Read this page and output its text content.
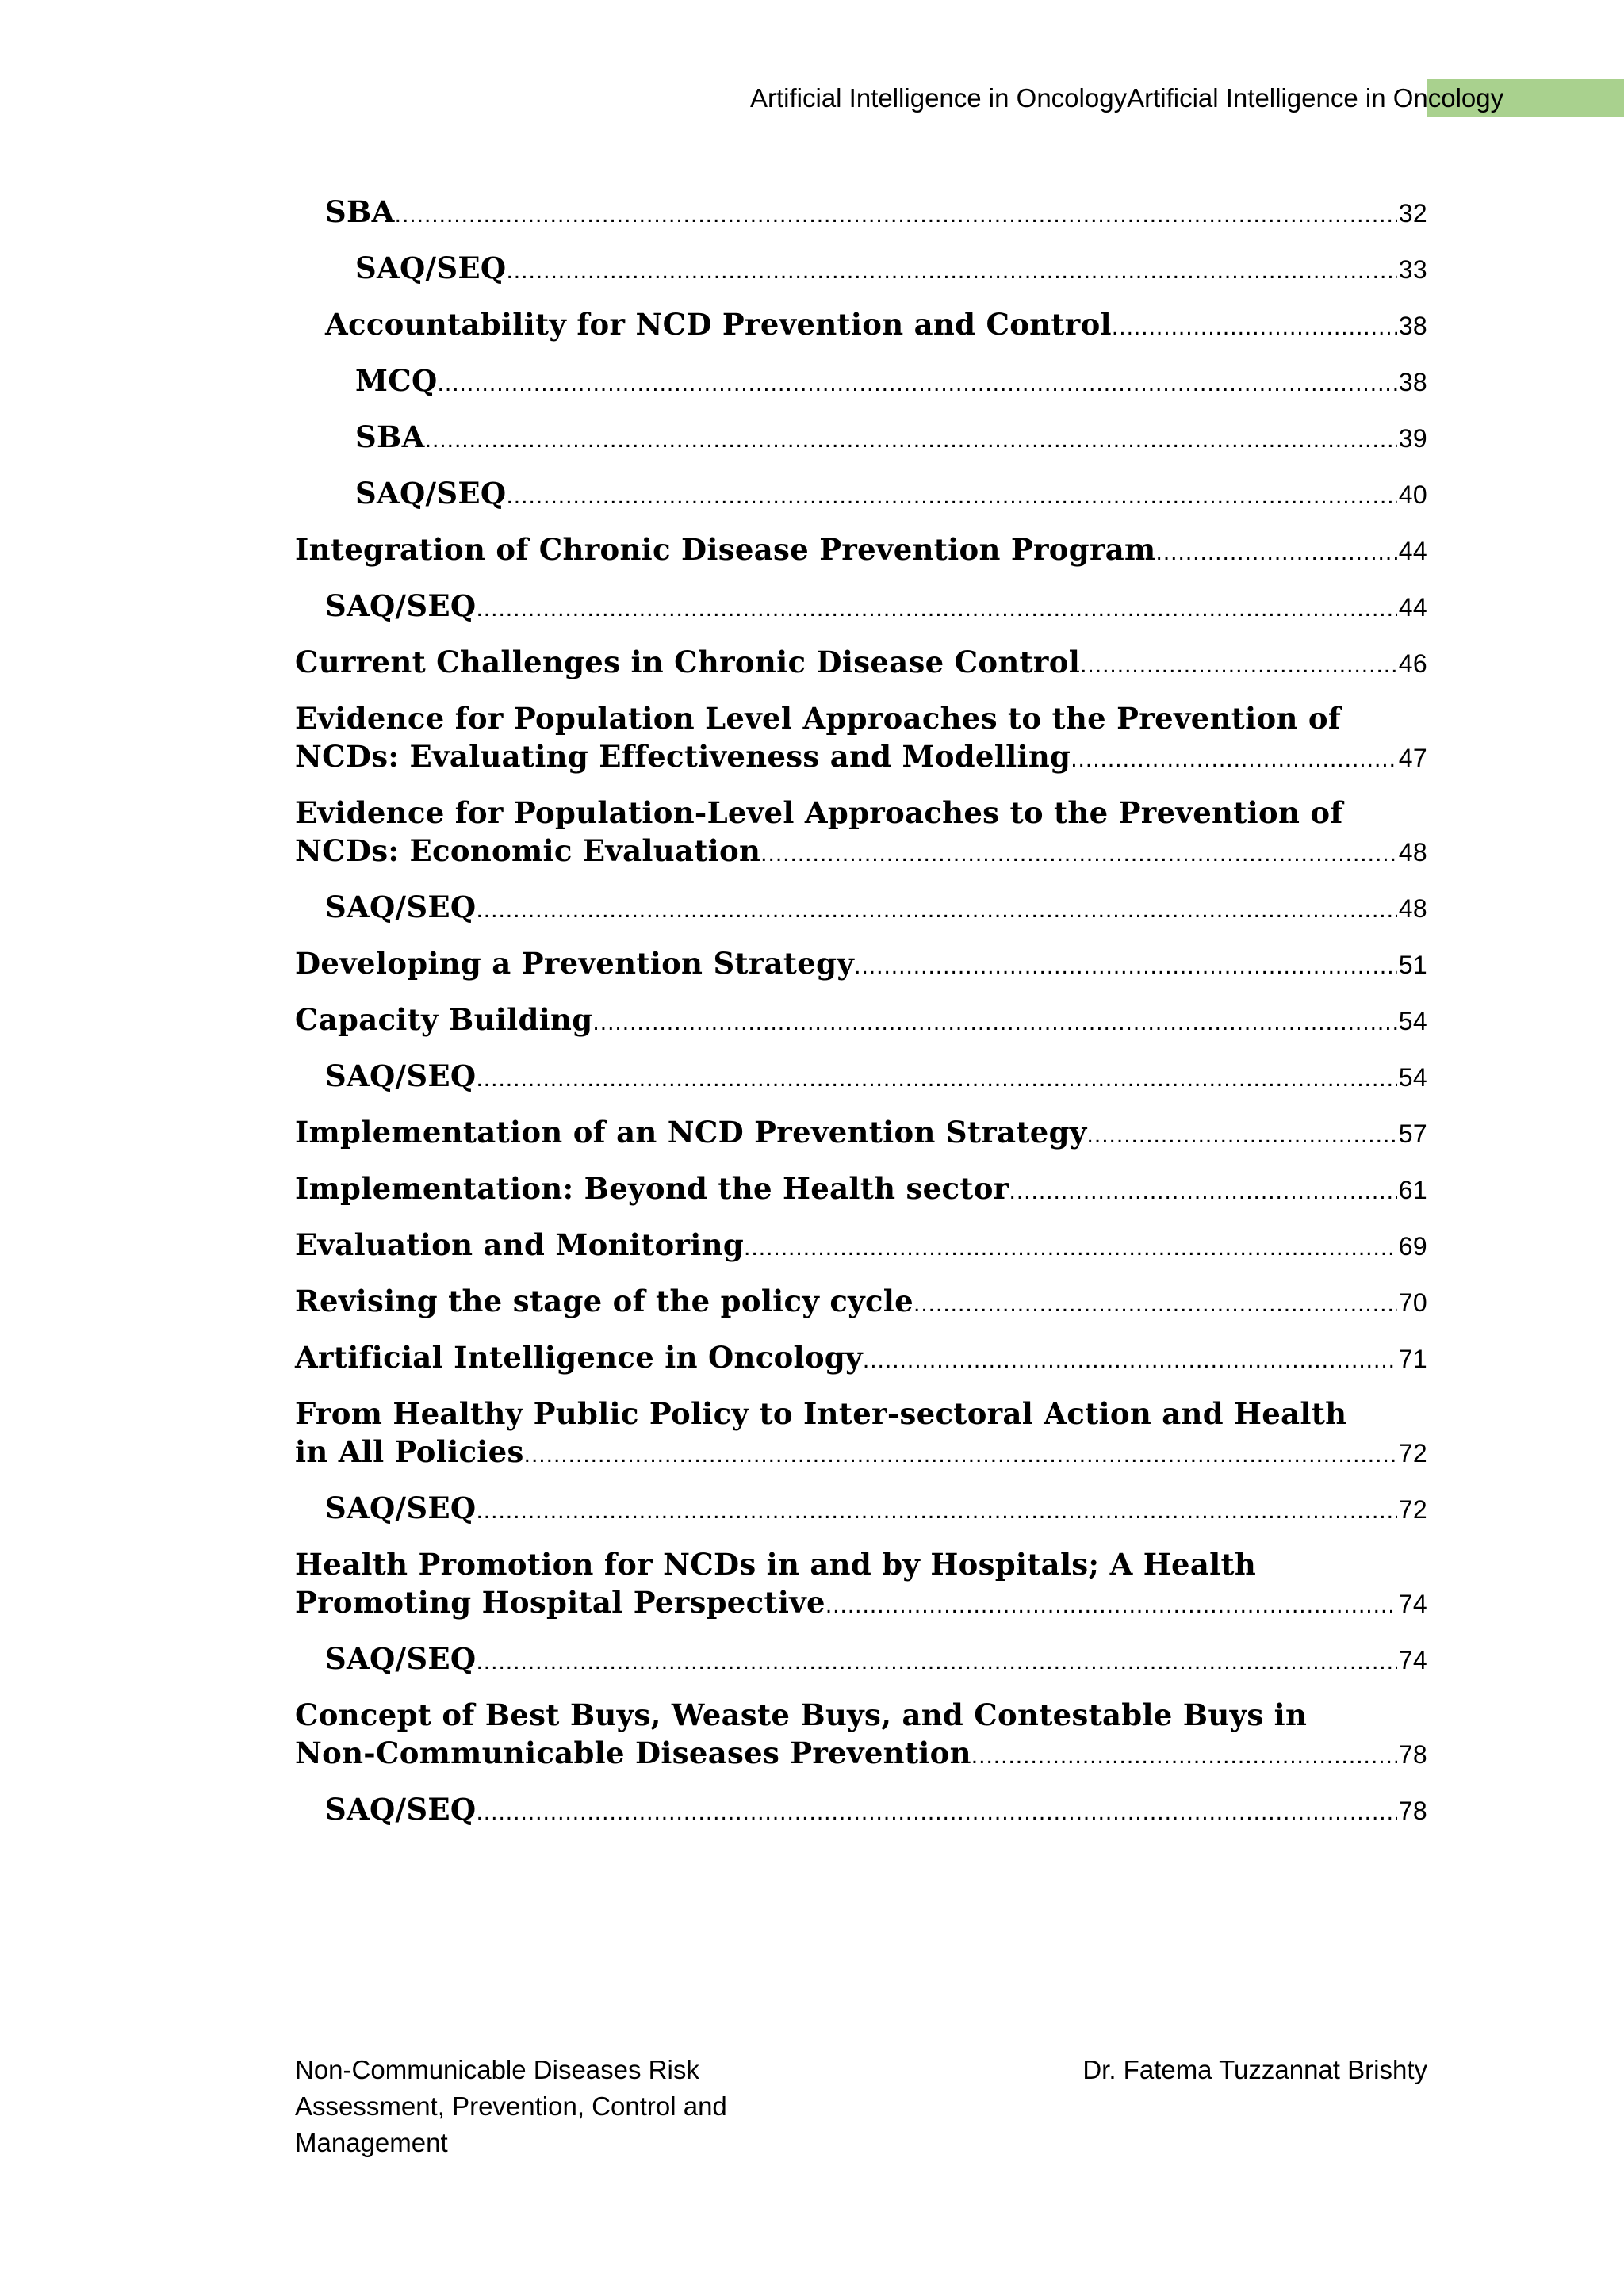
Artificial Intelligence in OncologyArtificial Intelligence in Oncology
SBA .....	32
SAQ/SEQ .....	33
Accountability for NCD Prevention and Control .....	38
MCQ .....	38
SBA .....	39
SAQ/SEQ .....	40
Integration of Chronic Disease Prevention Program .....	44
SAQ/SEQ .....	44
Current Challenges in Chronic Disease Control .....	46
Evidence for Population Level Approaches to the Prevention of
NCDs: Evaluating Effectiveness and Modelling .....	47
Evidence for Population-Level Approaches to the Prevention of
NCDs: Economic Evaluation .....	48
SAQ/SEQ .....	48
Developing a Prevention Strategy .....	51
Capacity Building .....	54
SAQ/SEQ .....	54
Implementation of an NCD Prevention Strategy .....	57
Implementation: Beyond the Health sector .....	61
Evaluation and Monitoring .....	69
Revising the stage of the policy cycle .....	70
Artificial Intelligence in Oncology .....	71
From Healthy Public Policy to Inter-sectoral Action and Health
in All Policies .....	72
SAQ/SEQ .....	72
Health Promotion for NCDs in and by Hospitals; A Health
Promoting Hospital Perspective .....	74
SAQ/SEQ .....	74
Concept of Best Buys, Weaste Buys, and Contestable Buys in
Non-Communicable Diseases Prevention .....	78
SAQ/SEQ .....	78
Non-Communicable Diseases Risk
Assessment, Prevention, Control and
Management
Dr. Fatema Tuzzannat Brishty
